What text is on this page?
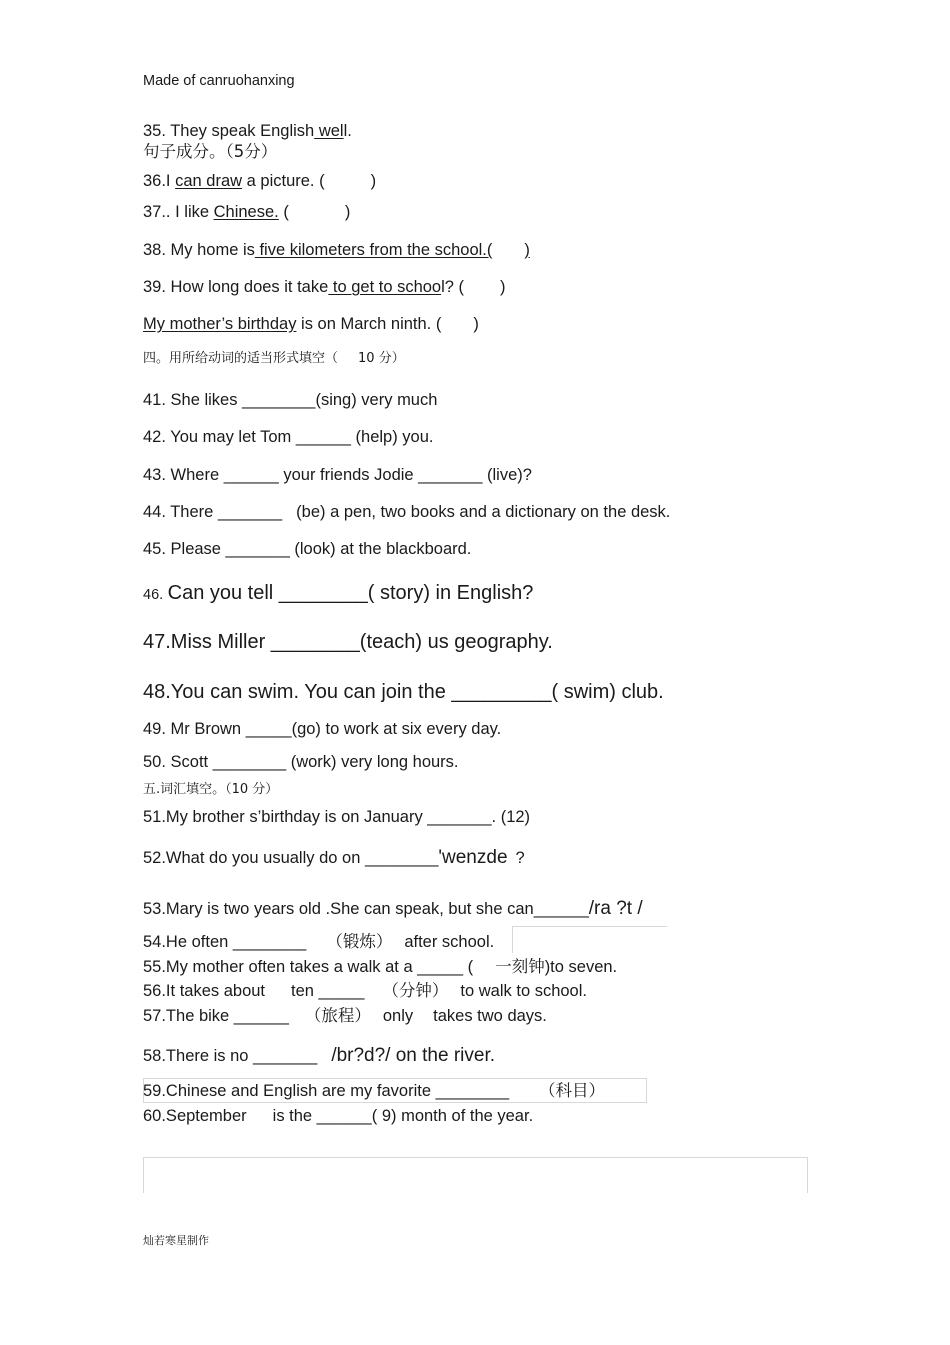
Made of canruohanxing
35. They speak English well.
句子成分。（5分）
36.I can draw a picture. (	)
37.. I like Chinese. (	)
38. My home is five kilometers from the school.( )
39. How long does it take to get to school? ( )
My mother’s birthday is on March ninth. ( )
四。用所给动词的适当形式填空（ 10 分）
41. She likes ________(sing) very much
42. You may let Tom ______ (help) you.
43. Where ______ your friends Jodie _______ (live)?
44. There _______ (be) a pen, two books and a dictionary on the desk.
45. Please _______ (look) at the blackboard.
46. Can you tell ________( story) in English?
47.Miss Miller ________(teach) us geography.
48.You can swim. You can join the _________( swim) club.
49. Mr Brown _____(go) to work at six every day.
50. Scott ________ (work) very long hours.
五.词汇填空。（10 分）
51.My brother s’birthday is on January _______. (12)
52.What do you usually do on ________'wenzde ?
53.Mary is two years old .She can speak, but she can______/ra ?t /
54.He often ________ （锻炼） after school.
55.My mother often takes a walk at a _____ ( 一刻钟)to seven.
56.It takes about ten _____ （分钟） to walk to school.
57.The bike ______ （旅程） only takes two days.
58.There is no _______ /br?d?/ on the river.
59.Chinese and English are my favorite ________ （科目）
60.September is the ______( 9) month of the year.
灿若寒星制作
